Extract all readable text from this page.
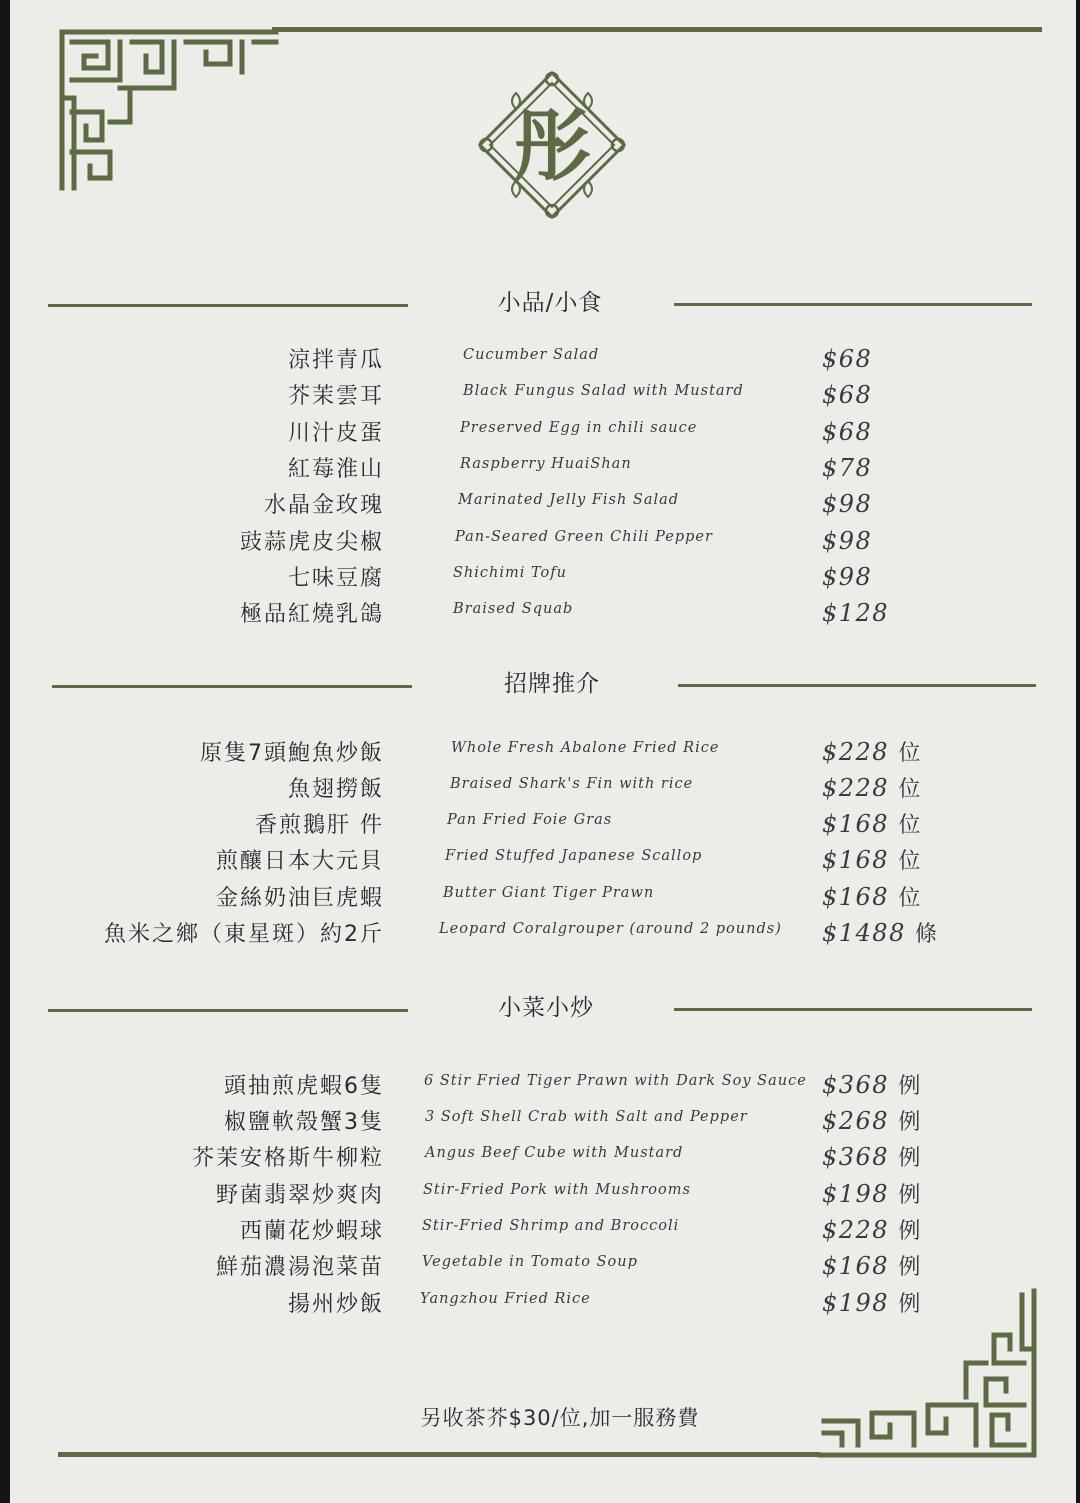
彤
小品/小食
涼拌青瓜	Cucumber Salad	$68
芥茉雲耳	Black Fungus Salad with Mustard	$68
川汁皮蛋	Preserved Egg in chili sauce	$68
紅莓淮山	Raspberry HuaiShan	$78
水晶金玫瑰	Marinated Jelly Fish Salad	$98
豉蒜虎皮尖椒	Pan-Seared Green Chili Pepper	$98
七味豆腐	Shichimi Tofu	$98
極品紅燒乳鴿	Braised Squab	$128
招牌推介
原隻7頭鮑魚炒飯	Whole Fresh Abalone Fried Rice	$228 位
魚翅撈飯	Braised Shark's Fin with rice	$228 位
香煎鵝肝 件	Pan Fried Foie Gras	$168 位
煎釀日本大元貝	Fried Stuffed Japanese Scallop	$168 位
金絲奶油巨虎蝦	Butter Giant Tiger Prawn	$168 位
魚米之鄉（東星斑）約2斤	Leopard Coralgrouper (around 2 pounds) $1488 條
小菜小炒
頭抽煎虎蝦6隻	6 Stir Fried Tiger Prawn with Dark Soy Sauce $368 例
椒鹽軟殼蟹3隻	3 Soft Shell Crab with Salt and Pepper	$268 例
芥茉安格斯牛柳粒	Angus Beef Cube with Mustard	$368 例
野菌翡翠炒爽肉	Stir-Fried Pork with Mushrooms	$198 例
西蘭花炒蝦球	Stir-Fried Shrimp and Broccoli	$228 例
鮮茄濃湯泡菜苗	Vegetable in Tomato Soup	$168 例
揚州炒飯 Yangzhou Fried Rice	$198 例
另收茶芥$30/位,加一服務費
